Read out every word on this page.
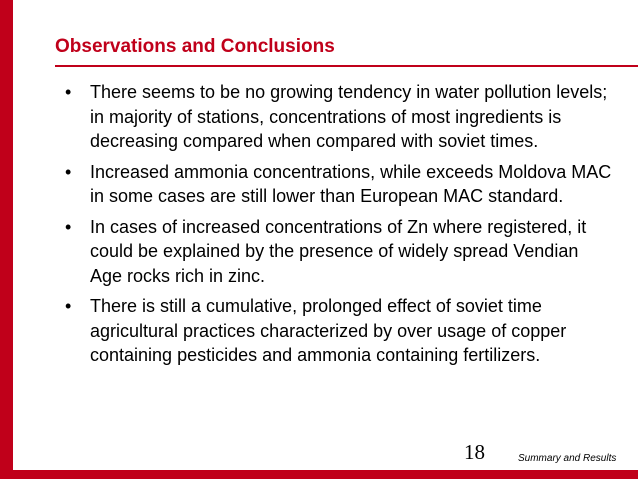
Observations and Conclusions
• There seems to be no growing tendency in water pollution levels; in majority of stations, concentrations of most ingredients is decreasing compared when compared with soviet times.
• Increased ammonia concentrations, while exceeds Moldova MAC in some cases are still lower than European MAC standard.
• In cases of increased concentrations of Zn where registered, it could be explained by the presence of widely spread Vendian Age rocks rich in zinc.
• There is still a cumulative, prolonged effect of soviet time agricultural practices characterized by over usage of copper containing pesticides and ammonia containing fertilizers.
18	Summary and Results
